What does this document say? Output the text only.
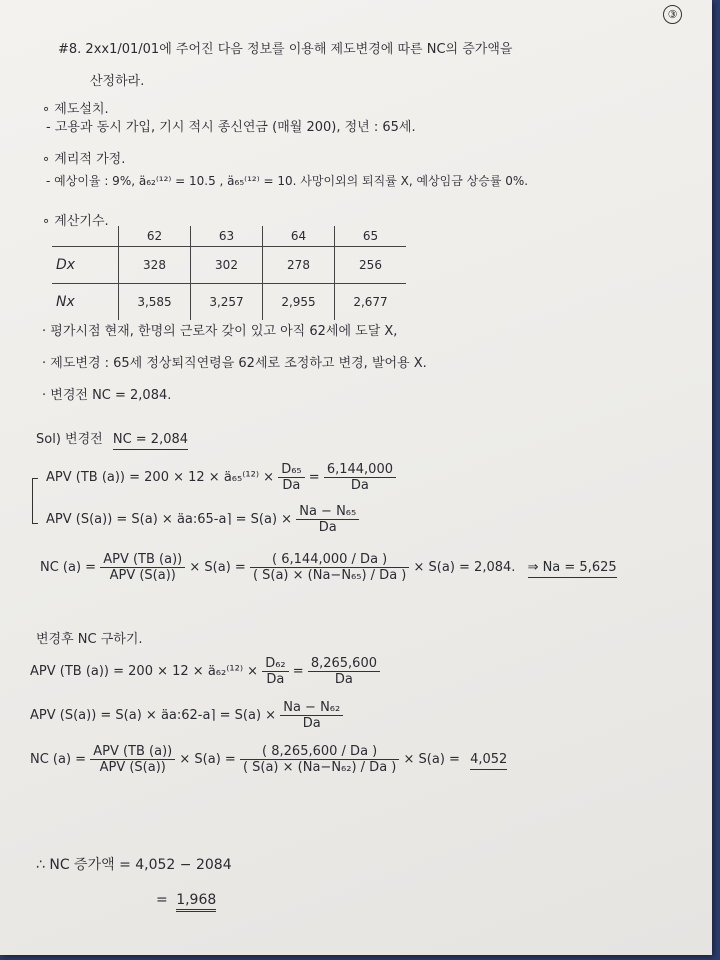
③
#8. 2xx1/01/01에 주어진 다음 정보를 이용해 제도변경에 따른 NC의 증가액을
산정하라.
∘ 제도설치.
- 고용과 동시 가입, 기시 적시 종신연금 (매월 200), 정년 : 65세.
∘ 계리적 가정.
- 예상이율 : 9%, ä₆₂⁽¹²⁾ = 10.5 , ä₆₅⁽¹²⁾ = 10. 사망이외의 퇴직률 X, 예상임금 상승률 0%.
∘ 계산기수.
	62	63	64	65
Dx	328	302	278	256
Nx	3,585	3,257	2,955	2,677
· 평가시점 현재, 한명의 근로자 갖이 있고 아직 62세에 도달 X,
· 제도변경 : 65세 정상퇴직연령을 62세로 조정하고 변경, 발어용 X.
· 변경전 NC = 2,084.
Sol) 변경전 NC = 2,084
APV (TB (a)) = 200 × 12 × ä₆₅⁽¹²⁾ × $\frac{\text{D₆₅}}{Da} = \frac{6,144,000}{Da}$
APV (S(a)) = S(a) × äa:65-a⌉ = $S(a) \times \frac{\text{Na − N₆₅}}{Da}$
NC $(a) = \frac{\text{APV (TB (a))}}{\text{APV (S(a))}} \times S(a) = \frac{( 6,144,000 / Da )}{\text{( S(a) × (Na−N₆₅) / Da )}} \times S(a) = 2,084$. ⇒ Na = 5,625
변경후 NC 구하기.
APV (TB (a)) = 200 × 12 × ä₆₂⁽¹²⁾ × $\frac{\text{D₆₂}}{Da} = \frac{8,265,600}{Da}$
APV (S(a)) = S(a) × äa:62-a⌉ = $S(a) \times \frac{\text{Na − N₆₂}}{Da}$
NC $(a) = \frac{\text{APV (TB (a))}}{\text{APV (S(a))}} \times S(a) = \frac{( 8,265,600 / Da )}{\text{( S(a) × (Na−N₆₂) / Da )}} \times S(a) = 4,052$
∴ NC 증가액 = 4,052 − 2084
= 1,968
